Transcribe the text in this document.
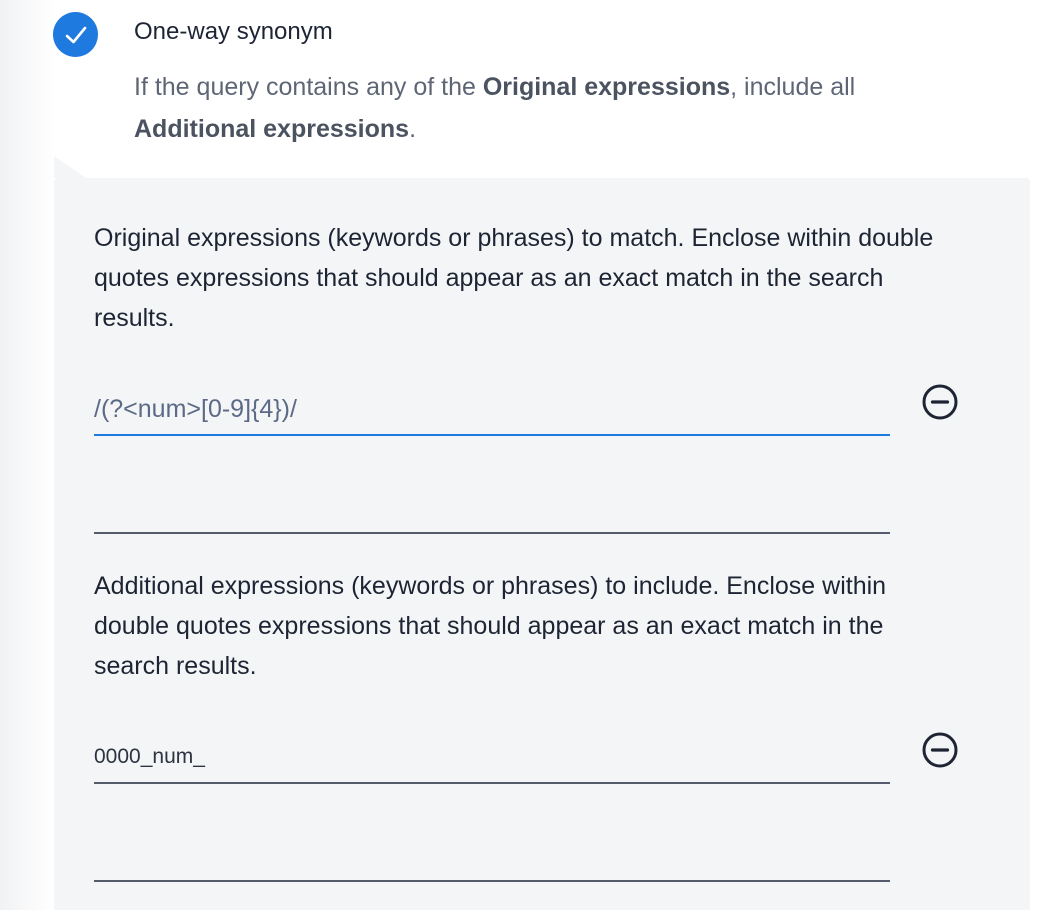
One-way synonym
If the query contains any of the Original expressions, include all Additional expressions.
Original expressions (keywords or phrases) to match. Enclose within double quotes expressions that should appear as an exact match in the search results.
/(?<num>[0-9]{4})/
Additional expressions (keywords or phrases) to include. Enclose within double quotes expressions that should appear as an exact match in the search results.
0000_num_
